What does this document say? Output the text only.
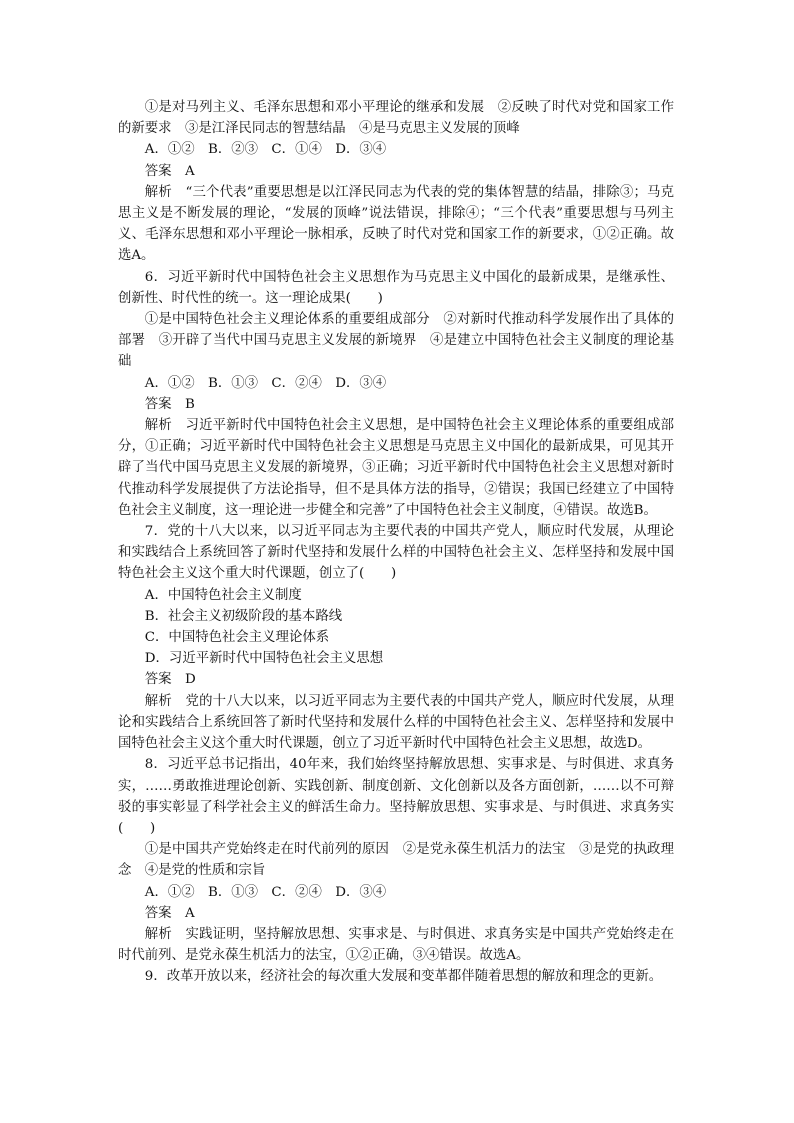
①是对马列主义、毛泽东思想和邓小平理论的继承和发展　②反映了时代对党和国家工作的新要求　③是江泽民同志的智慧结晶　④是马克思主义发展的顶峰

A．①②　B．②③　C．①④　D．③④

答案　A

解析　“三个代表”重要思想是以江泽民同志为代表的党的集体智慧的结晶，排除③；马克思主义是不断发展的理论，“发展的顶峰”说法错误，排除④；“三个代表”重要思想与马列主义、毛泽东思想和邓小平理论一脉相承，反映了时代对党和国家工作的新要求，①②正确。故选A。

6．习近平新时代中国特色社会主义思想作为马克思主义中国化的最新成果，是继承性、创新性、时代性的统一。这一理论成果(　　)

①是中国特色社会主义理论体系的重要组成部分　②对新时代推动科学发展作出了具体的部署　③开辟了当代中国马克思主义发展的新境界　④是建立中国特色社会主义制度的理论基础

A．①②　B．①③　C．②④　D．③④

答案　B

解析　习近平新时代中国特色社会主义思想，是中国特色社会主义理论体系的重要组成部分，①正确；习近平新时代中国特色社会主义思想是马克思主义中国化的最新成果，可见其开辟了当代中国马克思主义发展的新境界，③正确；习近平新时代中国特色社会主义思想对新时代推动科学发展提供了方法论指导，但不是具体方法的指导，②错误；我国已经建立了中国特色社会主义制度，这一理论进一步健全和完善”了中国特色社会主义制度，④错误。故选B。

7．党的十八大以来，以习近平同志为主要代表的中国共产党人，顺应时代发展，从理论和实践结合上系统回答了新时代坚持和发展什么样的中国特色社会主义、怎样坚持和发展中国特色社会主义这个重大时代课题，创立了(　　)

A．中国特色社会主义制度

B．社会主义初级阶段的基本路线

C．中国特色社会主义理论体系

D．习近平新时代中国特色社会主义思想

答案　D

解析　党的十八大以来，以习近平同志为主要代表的中国共产党人，顺应时代发展，从理论和实践结合上系统回答了新时代坚持和发展什么样的中国特色社会主义、怎样坚持和发展中国特色社会主义这个重大时代课题，创立了习近平新时代中国特色社会主义思想，故选D。

8．习近平总书记指出，40年来，我们始终坚持解放思想、实事求是、与时俱进、求真务实，……勇敢推进理论创新、实践创新、制度创新、文化创新以及各方面创新，……以不可辩驳的事实彰显了科学社会主义的鲜活生命力。坚持解放思想、实事求是、与时俱进、求真务实(　　)

①是中国共产党始终走在时代前列的原因　②是党永葆生机活力的法宝　③是党的执政理念　④是党的性质和宗旨

A．①②　B．①③　C．②④　D．③④

答案　A

解析　实践证明，坚持解放思想、实事求是、与时俱进、求真务实是中国共产党始终走在时代前列、是党永葆生机活力的法宝，①②正确，③④错误。故选A。

9．改革开放以来，经济社会的每次重大发展和变革都伴随着思想的解放和理念的更新。
